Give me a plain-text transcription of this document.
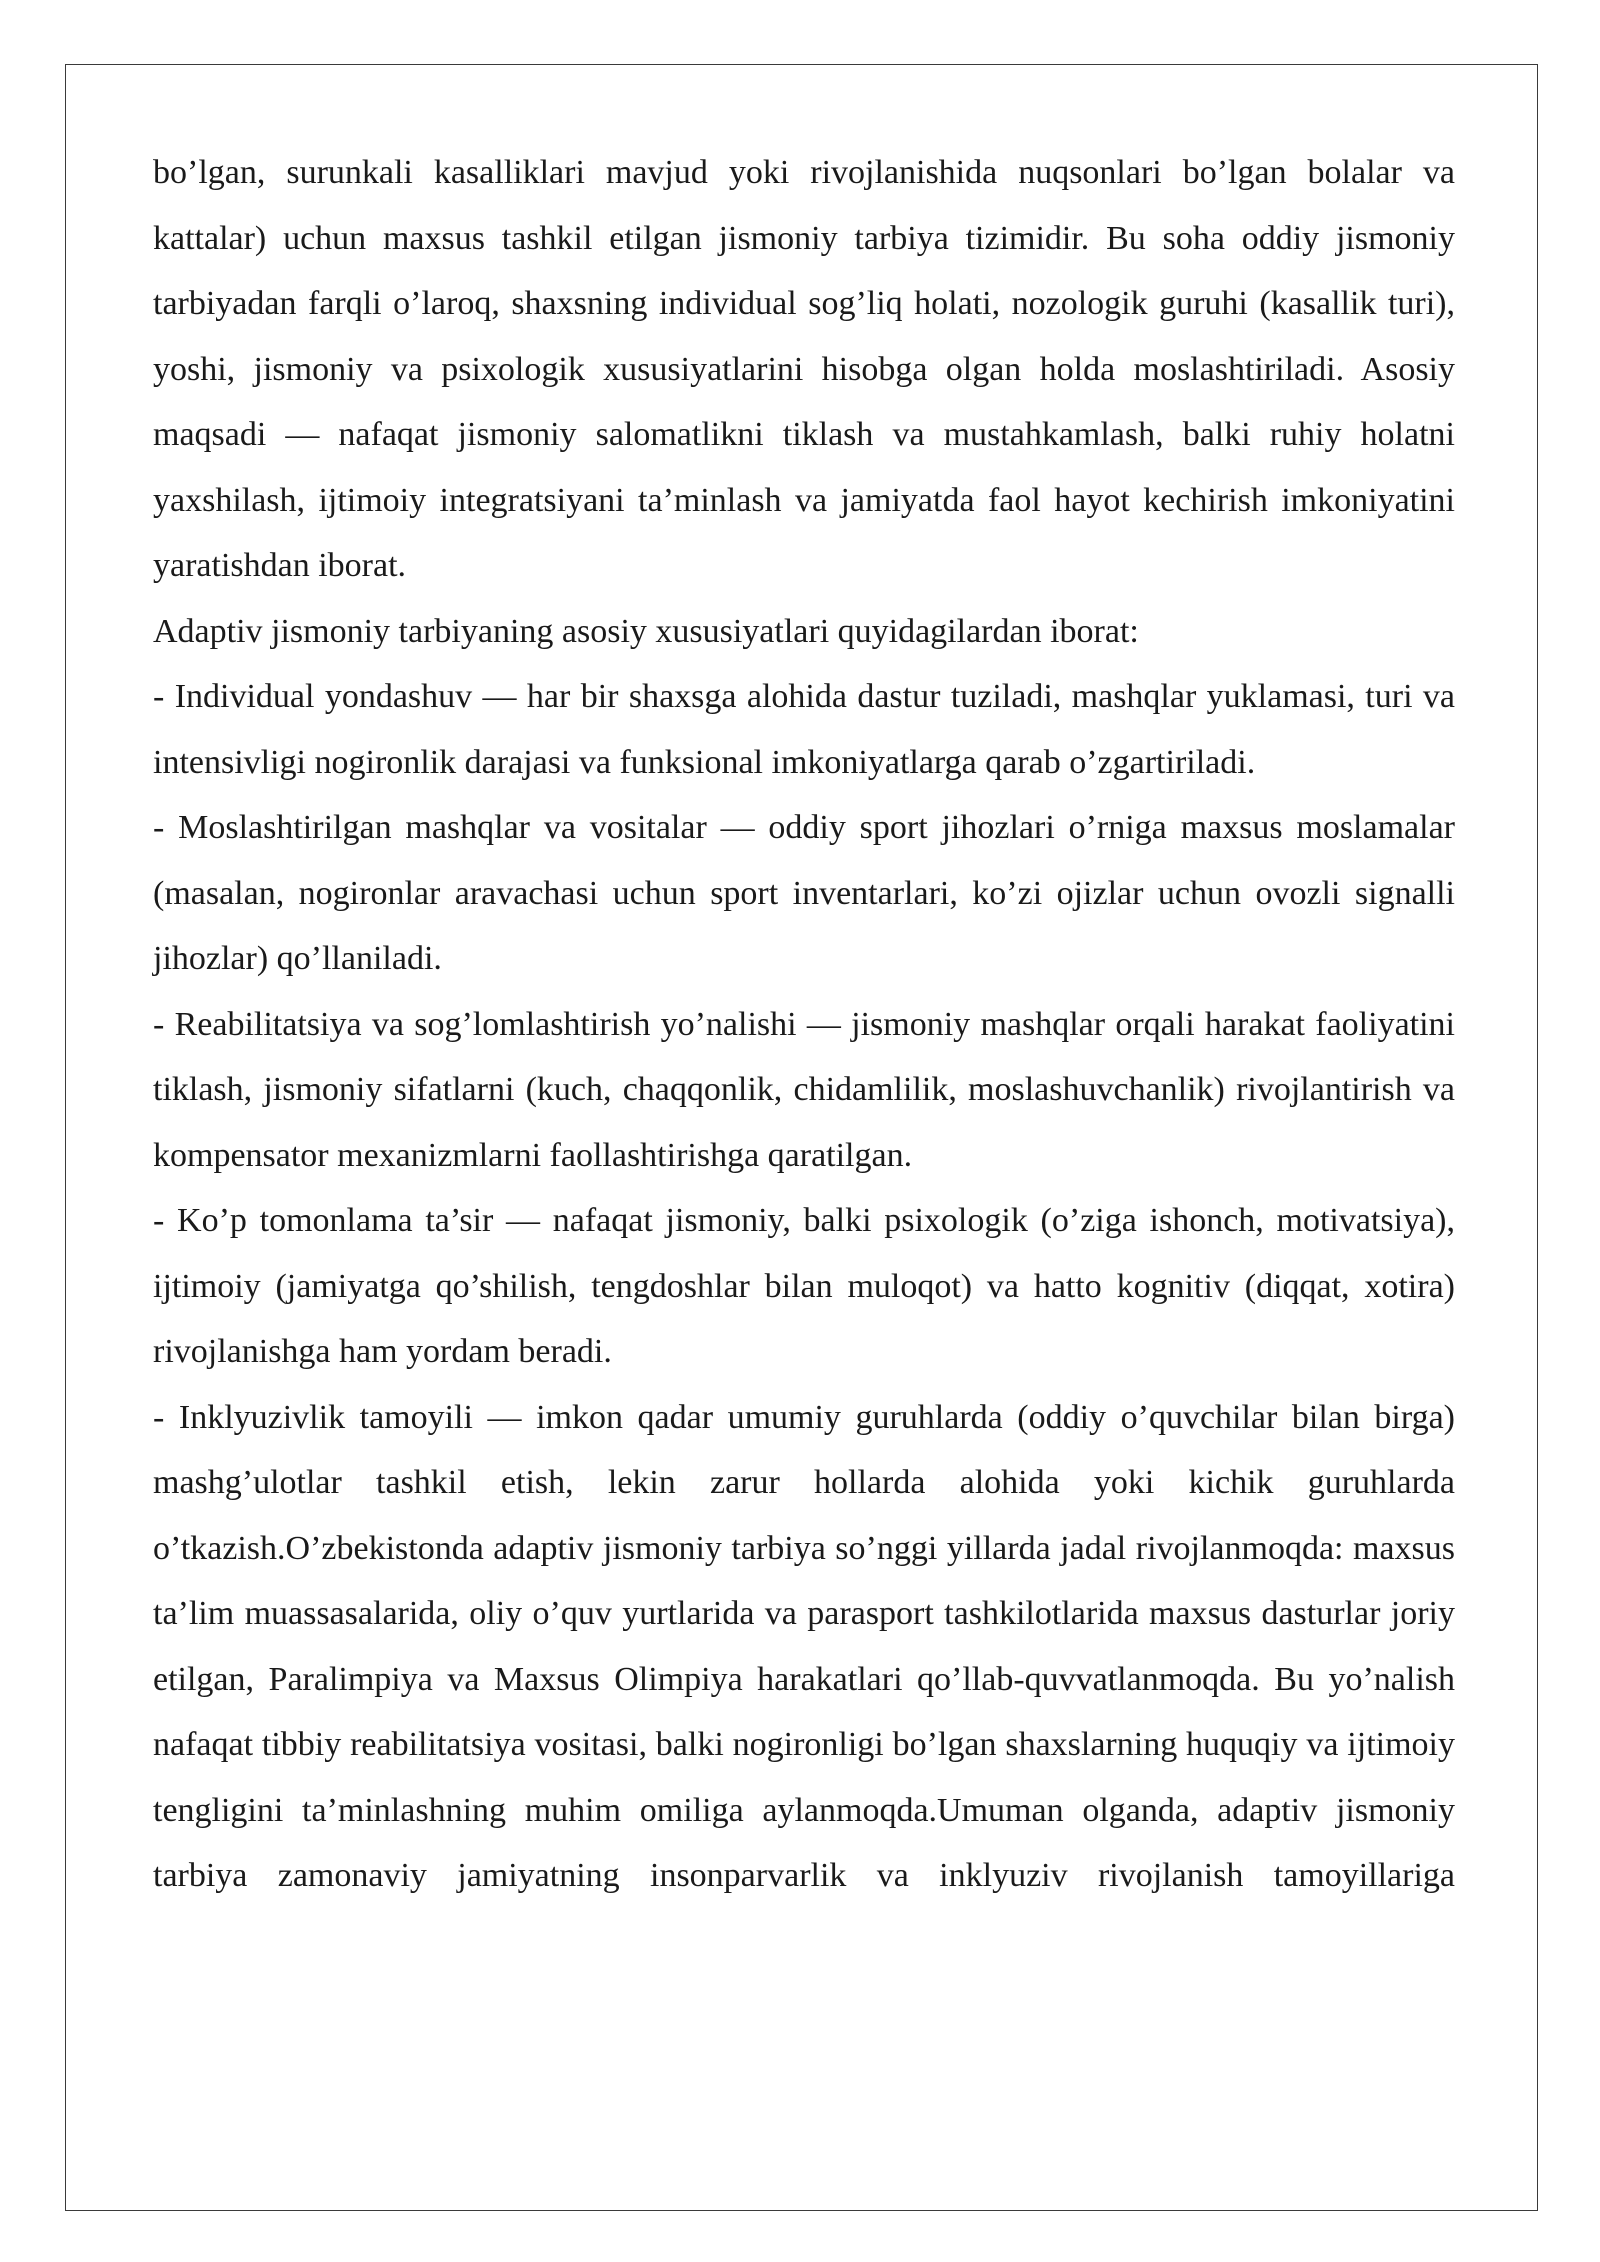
bo’lgan, surunkali kasalliklari mavjud yoki rivojlanishida nuqsonlari bo’lgan bolalar va kattalar) uchun maxsus tashkil etilgan jismoniy tarbiya tizimidir. Bu soha oddiy jismoniy tarbiyadan farqli o’laroq, shaxsning individual sog’liq holati, nozologik guruhi (kasallik turi), yoshi, jismoniy va psixologik xususiyatlarini hisobga olgan holda moslashtiriladi. Asosiy maqsadi — nafaqat jismoniy salomatlikni tiklash va mustahkamlash, balki ruhiy holatni yaxshilash, ijtimoiy integratsiyani ta’minlash va jamiyatda faol hayot kechirish imkoniyatini yaratishdan iborat.

Adaptiv jismoniy tarbiyaning asosiy xususiyatlari quyidagilardan iborat:

- Individual yondashuv — har bir shaxsga alohida dastur tuziladi, mashqlar yuklamasi, turi va intensivligi nogironlik darajasi va funksional imkoniyatlarga qarab o’zgartiriladi.

- Moslashtirilgan mashqlar va vositalar — oddiy sport jihozlari o’rniga maxsus moslamalar (masalan, nogironlar aravachasi uchun sport inventarlari, ko’zi ojizlar uchun ovozli signalli jihozlar) qo’llaniladi.

- Reabilitatsiya va sog’lomlashtirish yo’nalishi — jismoniy mashqlar orqali harakat faoliyatini tiklash, jismoniy sifatlarni (kuch, chaqqonlik, chidamlilik, moslashuvchanlik) rivojlantirish va kompensator mexanizmlarni faollashtirishga qaratilgan.

- Ko’p tomonlama ta’sir — nafaqat jismoniy, balki psixologik (o’ziga ishonch, motivatsiya), ijtimoiy (jamiyatga qo’shilish, tengdoshlar bilan muloqot) va hatto kognitiv (diqqat, xotira) rivojlanishga ham yordam beradi.

- Inklyuzivlik tamoyili — imkon qadar umumiy guruhlarda (oddiy o’quvchilar bilan birga) mashg’ulotlar tashkil etish, lekin zarur hollarda alohida yoki kichik guruhlarda o’tkazish.O’zbekistonda adaptiv jismoniy tarbiya so’nggi yillarda jadal rivojlanmoqda: maxsus ta’lim muassasalarida, oliy o’quv yurtlarida va parasport tashkilotlarida maxsus dasturlar joriy etilgan, Paralimpiya va Maxsus Olimpiya harakatlari qo’llab-quvvatlanmoqda. Bu yo’nalish nafaqat tibbiy reabilitatsiya vositasi, balki nogironligi bo’lgan shaxslarning huquqiy va ijtimoiy tengligini ta’minlashning muhim omiliga aylanmoqda.Umuman olganda, adaptiv jismoniy tarbiya zamonaviy jamiyatning insonparvarlik va inklyuziv rivojlanish tamoyillariga
